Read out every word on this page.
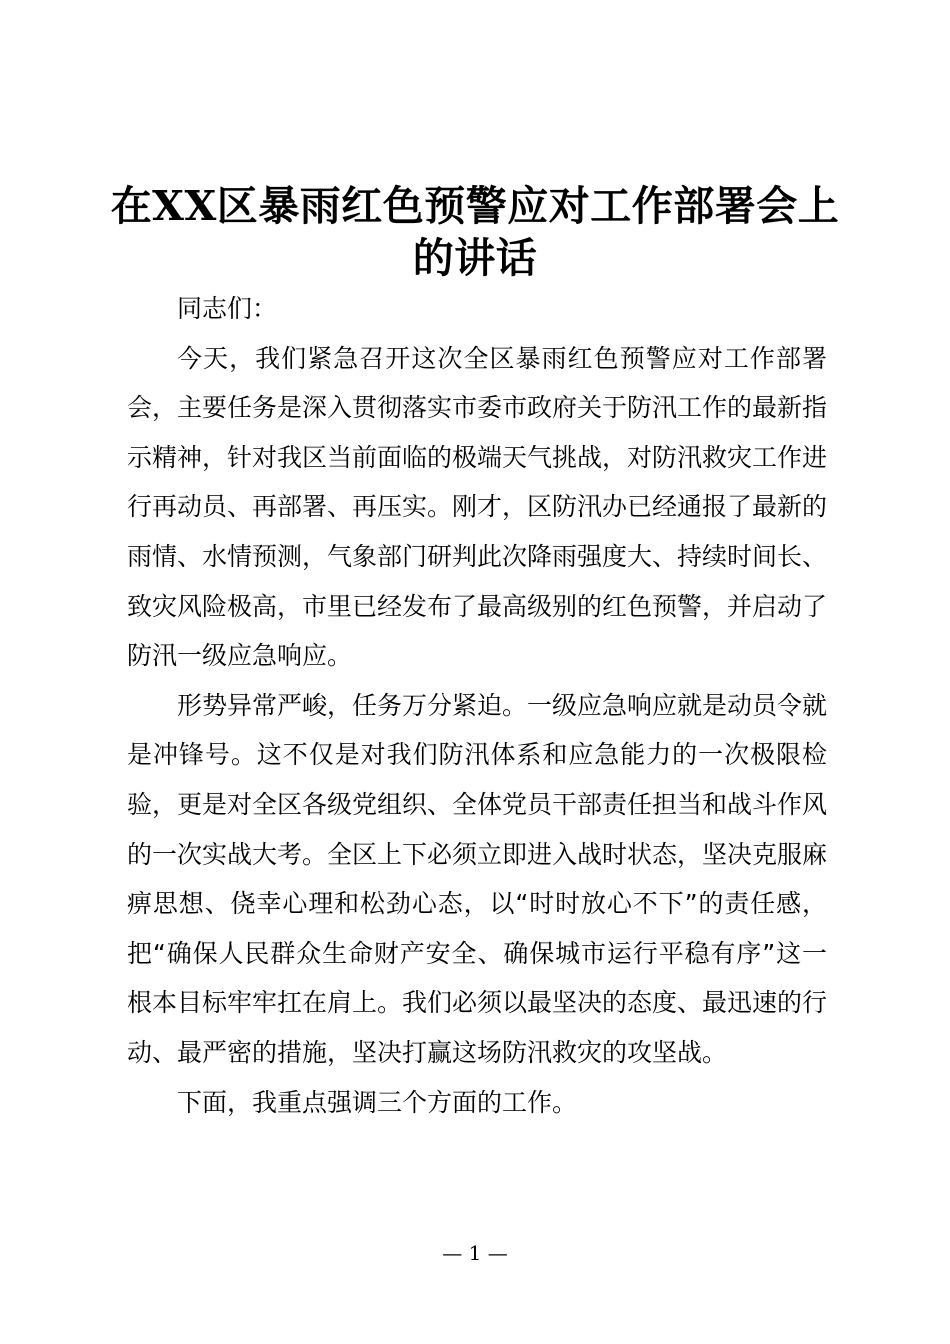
在XX区暴雨红色预警应对工作部署会上的讲话

同志们：

今天，我们紧急召开这次全区暴雨红色预警应对工作部署会，主要任务是深入贯彻落实市委市政府关于防汛工作的最新指示精神，针对我区当前面临的极端天气挑战，对防汛救灾工作进行再动员、再部署、再压实。刚才，区防汛办已经通报了最新的雨情、水情预测，气象部门研判此次降雨强度大、持续时间长、致灾风险极高，市里已经发布了最高级别的红色预警，并启动了防汛一级应急响应。

形势异常严峻，任务万分紧迫。一级应急响应就是动员令就是冲锋号。这不仅是对我们防汛体系和应急能力的一次极限检验，更是对全区各级党组织、全体党员干部责任担当和战斗作风的一次实战大考。全区上下必须立即进入战时状态，坚决克服麻痹思想、侥幸心理和松劲心态，以“时时放心不下”的责任感，把“确保人民群众生命财产安全、确保城市运行平稳有序”这一根本目标牢牢扛在肩上。我们必须以最坚决的态度、最迅速的行动、最严密的措施，坚决打赢这场防汛救灾的攻坚战。

下面，我重点强调三个方面的工作。

— 1 —
